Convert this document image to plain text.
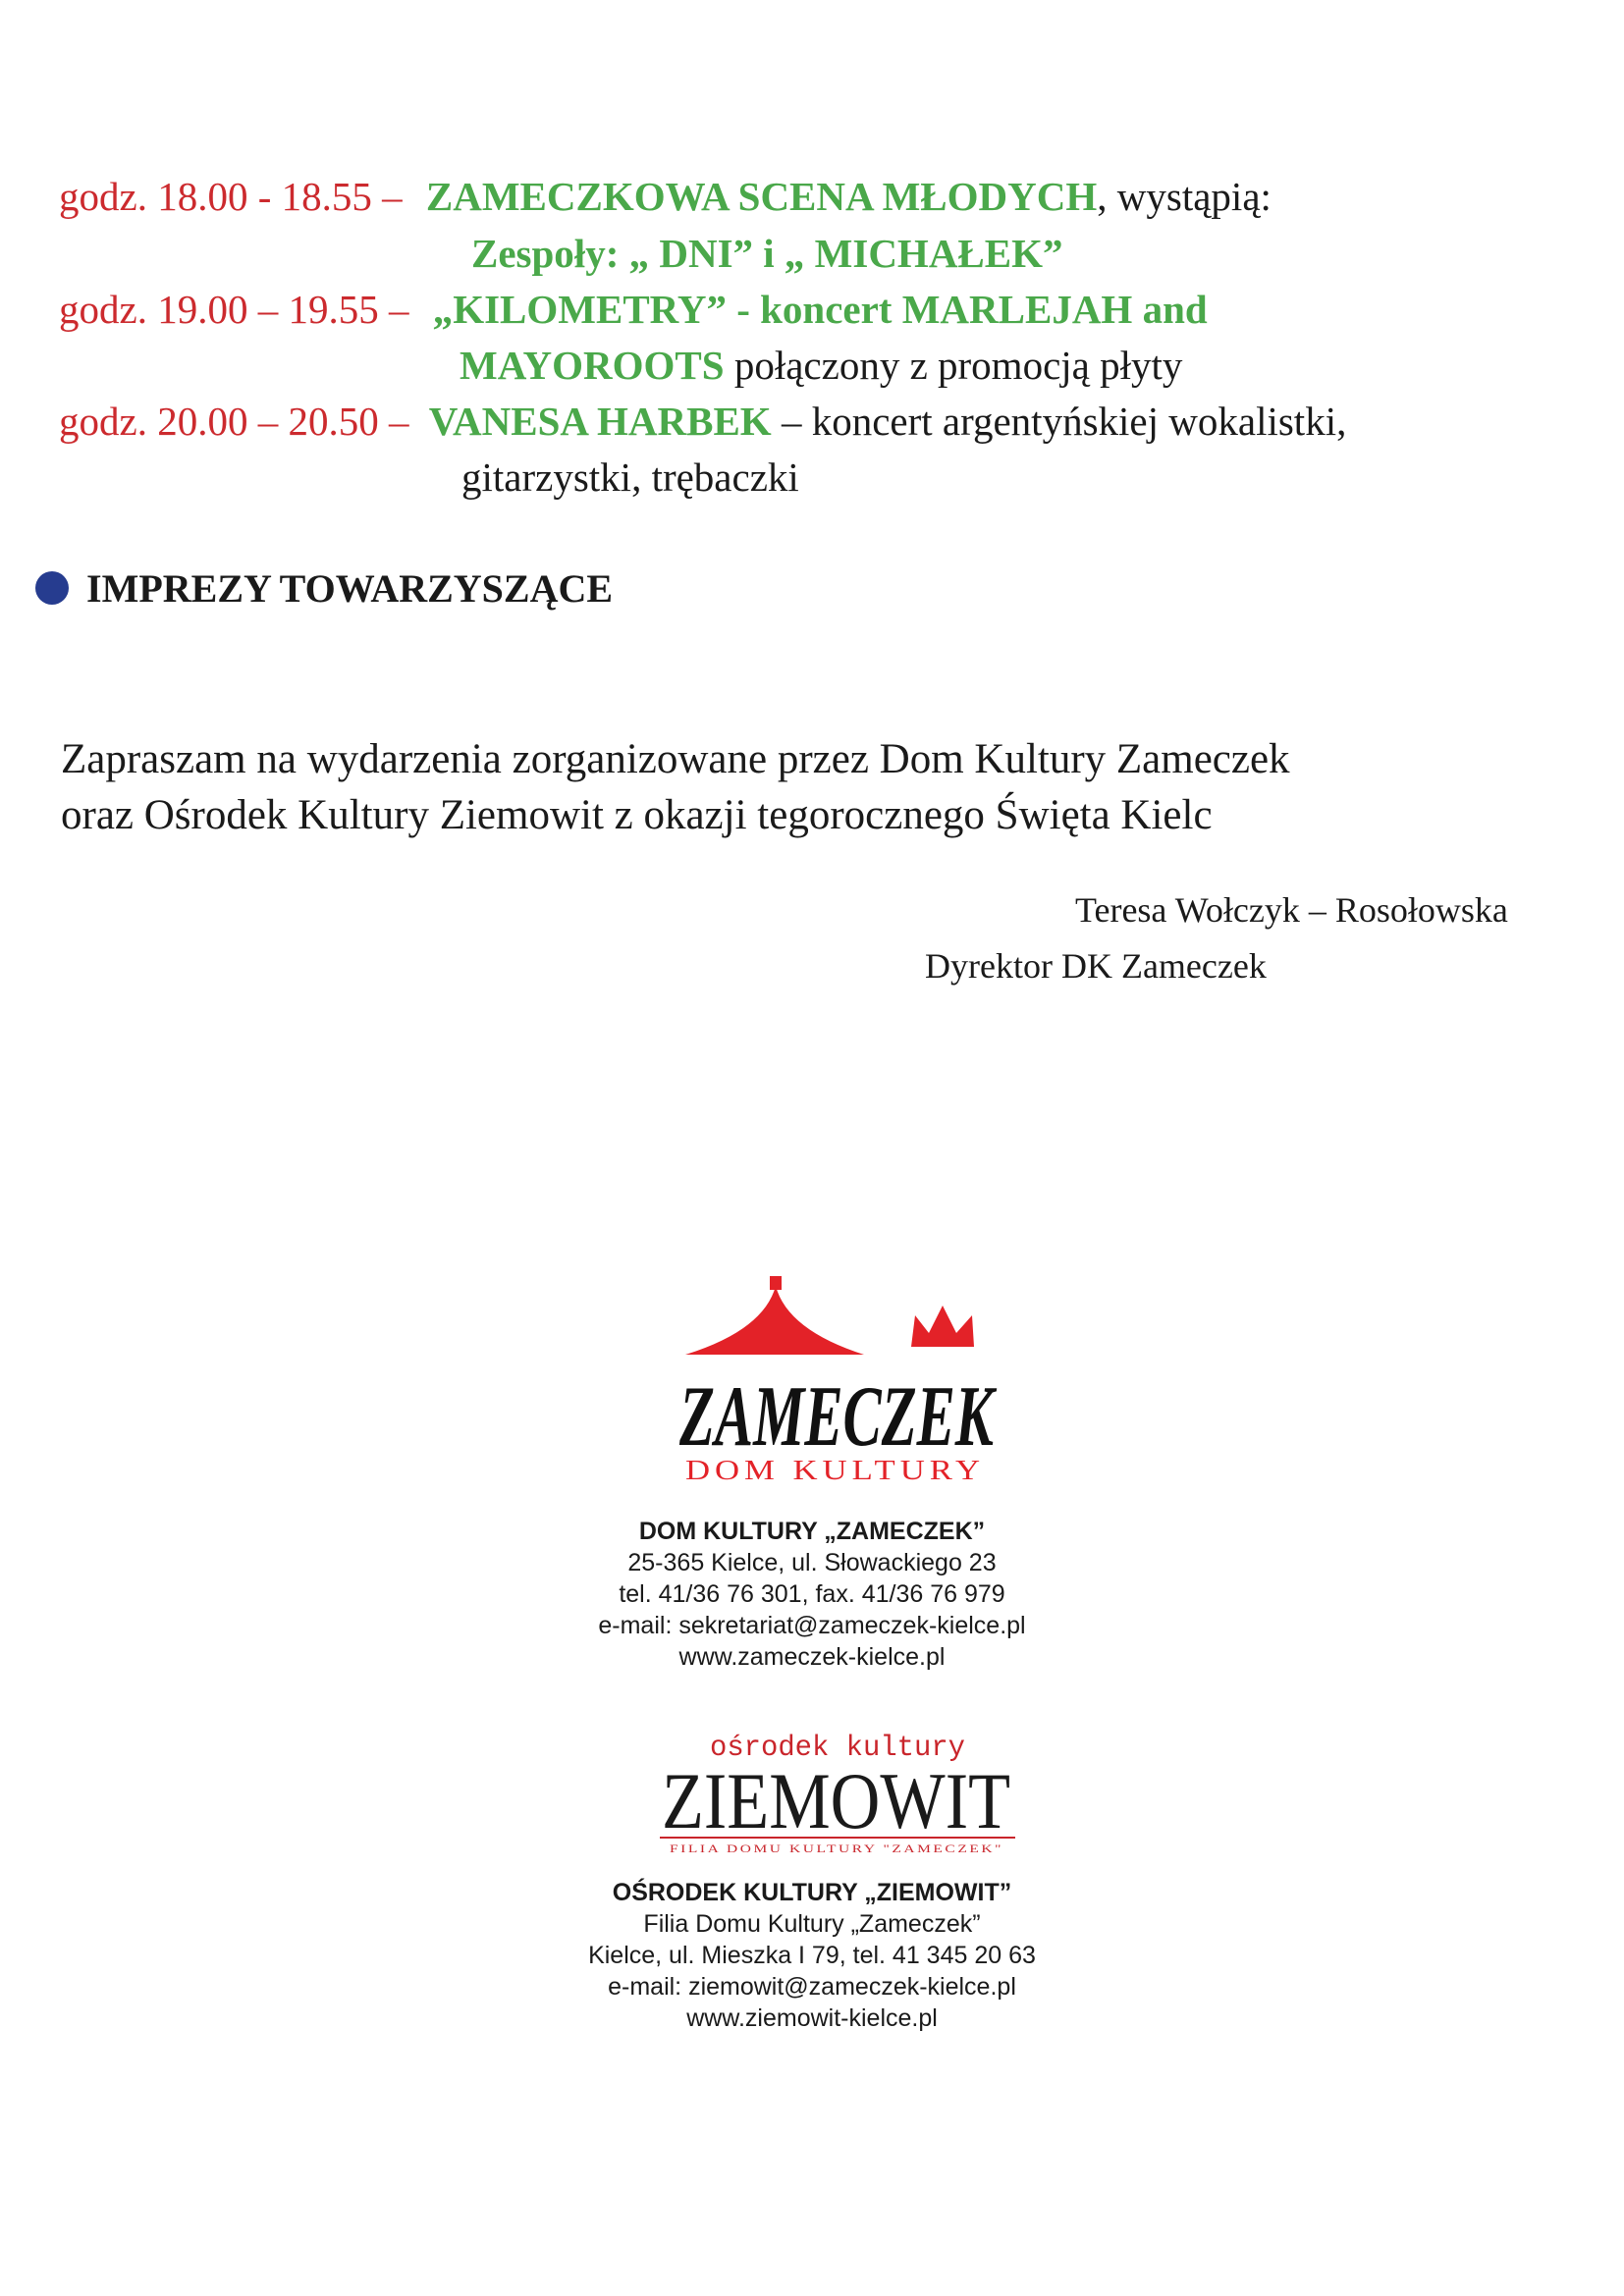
godz. 18.00 - 18.55 – ZAMECZKOWA SCENA MŁODYCH, wystąpią:
Zespoły: „ DNI” i „ MICHAŁEK”
godz. 19.00 – 19.55 – „KILOMETRY” - koncert MARLEJAH and
MAYOROOTS połączony z promocją płyty
godz. 20.00 – 20.50 – VANESA HARBEK – koncert argentyńskiej wokalistki,
gitarzystki, trębaczki
IMPREZY TOWARZYSZĄCE
Zapraszam na wydarzenia zorganizowane przez Dom Kultury Zameczek
oraz Ośrodek Kultury Ziemowit z okazji tegorocznego Święta Kielc
Teresa Wołczyk – Rosołowska
Dyrektor DK Zameczek
ZAMECZEK
DOM KULTURY
DOM KULTURY „ZAMECZEK”
25-365 Kielce, ul. Słowackiego 23
tel. 41/36 76 301, fax. 41/36 76 979
e-mail: sekretariat@zameczek-kielce.pl
www.zameczek-kielce.pl
ośrodek kultury
ZIEMOWIT
FILIA DOMU KULTURY "ZAMECZEK"
OŚRODEK KULTURY „ZIEMOWIT”
Filia Domu Kultury „Zameczek”
Kielce, ul. Mieszka I 79, tel. 41 345 20 63
e-mail: ziemowit@zameczek-kielce.pl
www.ziemowit-kielce.pl
